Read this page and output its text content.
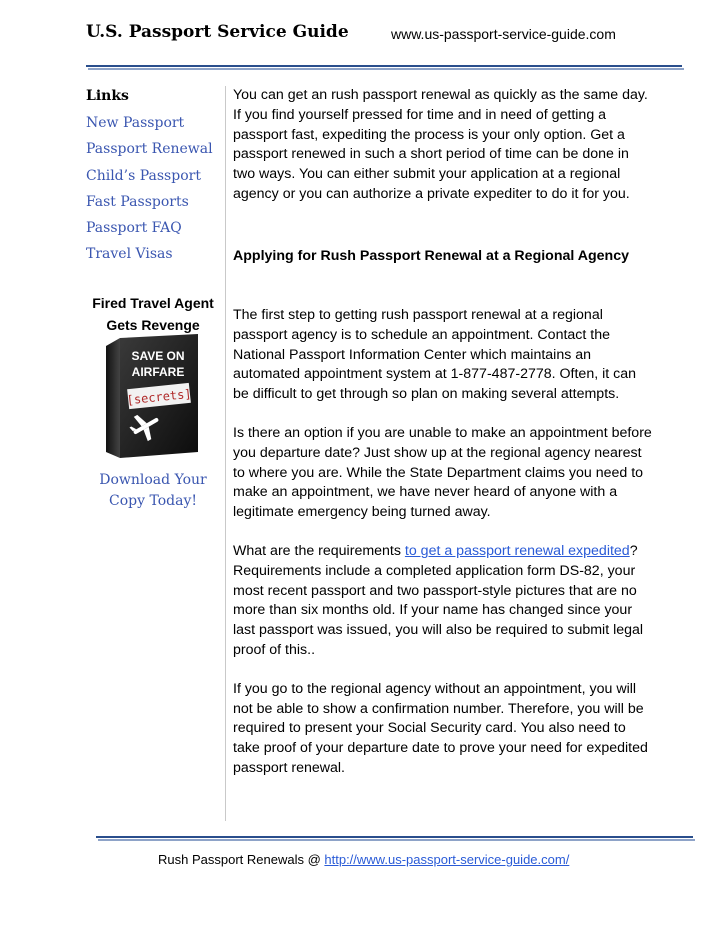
U.S. Passport Service Guide	www.us-passport-service-guide.com
Links
New Passport
Passport Renewal
Child’s Passport
Fast Passports
Passport FAQ
Travel Visas
Fired Travel Agent
Gets Revenge
SAVE ON
AIRFARE
[secrets]
Download Your
Copy Today!

You can get an rush passport renewal as quickly as the same day. If you find yourself pressed for time and in need of getting a passport fast, expediting the process is your only option. Get a passport renewed in such a short period of time can be done in two ways. You can either submit your application at a regional agency or you can authorize a private expediter to do it for you.

Applying for Rush Passport Renewal at a Regional Agency

The first step to getting rush passport renewal at a regional passport agency is to schedule an appointment. Contact the National Passport Information Center which maintains an automated appointment system at 1-877-487-2778. Often, it can be difficult to get through so plan on making several attempts.

Is there an option if you are unable to make an appointment before you departure date? Just show up at the regional agency nearest to where you are. While the State Department claims you need to make an appointment, we have never heard of anyone with a legitimate emergency being turned away.

What are the requirements to get a passport renewal expedited? Requirements include a completed application form DS-82, your most recent passport and two passport-style pictures that are no more than six months old. If your name has changed since your last passport was issued, you will also be required to submit legal proof of this..

If you go to the regional agency without an appointment, you will not be able to show a confirmation number. Therefore, you will be required to present your Social Security card. You also need to take proof of your departure date to prove your need for expedited passport renewal.

Rush Passport Renewals @ http://www.us-passport-service-guide.com/
